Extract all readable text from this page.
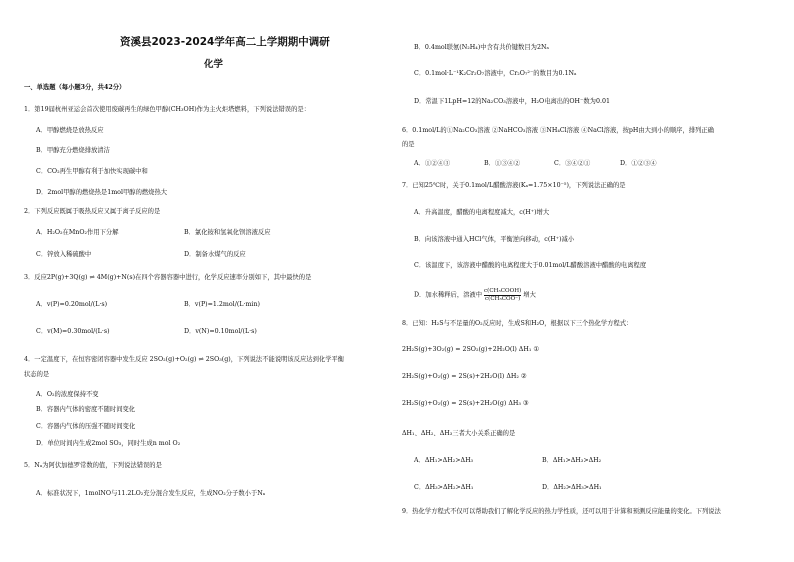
资溪县2023-2024学年高二上学期期中调研
化学
一、单选题（每小题3分，共42分）
1．第19届杭州亚运会首次使用废碳再生的绿色甲醇(CH₃OH)作为主火炬塔燃料，下列说法错误的是：
A．甲醇燃烧是放热反应
B．甲醇充分燃烧排放清洁
C．CO₂再生甲醇有利于加快实现碳中和
D．2mol甲醇的燃烧热是1mol甲醇的燃烧热大
2．下列反应既属于吸热反应又属于离子反应的是
A．H₂O₂在MnO₂作用下分解	B．氯化铵和氢氧化钡溶液反应
C．锌放入稀硫酸中	D．制备水煤气的反应
3．反应2P(g)+3Q(g) ⇌ 4M(g)+N(s)在四个容器容器中进行，化学反应速率分别如下，其中最快的是
A．v(P)=0.20mol/(L·s)	B．v(P)=1.2mol/(L·min)
C．v(M)=0.30mol/(L·s)	D．v(N)=0.10mol/(L·s)
4．一定温度下，在恒容密闭容器中发生反应 2SO₂(g)+O₂(g) ⇌ 2SO₃(g)，下列说法不能说明该反应达到化学平衡
状态的是
A．O₂的浓度保持不变
B．容器内气体的密度不随时间变化
C．容器内气体的压强不随时间变化
D．单位时间内生成2mol SO₃，同时生成n mol O₂
5．Nₐ为阿伏加德罗常数的值，下列说法错误的是
A．标准状况下，1molNO与11.2LO₂充分混合发生反应，生成NO₂分子数小于Nₐ
B．0.4mol联氨(N₂H₄)中含有共价键数目为2Nₐ
C．0.1mol·L⁻¹K₂Cr₂O₇溶液中，Cr₂O₇²⁻的数目为0.1Nₐ
D．常温下1LpH=12的Na₂CO₃溶液中，H₂O电离出的OH⁻数为0.01
6．0.1mol/L的①Na₂CO₃溶液 ②NaHCO₃溶液 ③NH₄Cl溶液 ④NaCl溶液，按pH由大到小的顺序，排列正确
的是
A．①②④③	B．①③④②	C．③④②①	D．①②③④
7．已知25℃时，关于0.1mol/L醋酸溶液(Kₐ=1.75×10⁻⁵)，下列说法正确的是
A．升高温度，醋酸的电离程度减大，c(H⁺)增大
B．向该溶液中通入HCl气体，平衡逆向移动，c(H⁺)减小
C．该温度下，该溶液中醋酸的电离程度大于0.01mol/L醋酸溶液中醋酸的电离程度
D．加水稀释后，溶液中
c(CH₃COOH)
c(CH₃COO⁻) 增大
8．已知：H₂S与不足量的O₂反应时，生成S和H₂O，根据以下三个热化学方程式：
2H₂S(g)+3O₂(g) = 2SO₂(g)+2H₂O(l) ΔH₁ ①
2H₂S(g)+O₂(g) = 2S(s)+2H₂O(l) ΔH₂ ②
2H₂S(g)+O₂(g) = 2S(s)+2H₂O(g) ΔH₃ ③
ΔH₁、ΔH₂、ΔH₃三者大小关系正确的是
A．ΔH₁>ΔH₂>ΔH₃	B．ΔH₁>ΔH₃>ΔH₂
C．ΔH₃>ΔH₂>ΔH₁	D．ΔH₂>ΔH₃>ΔH₁
9．热化学方程式不仅可以帮助我们了解化学反应的热力学性质，还可以用于计算和预测反应能量的变化。下列说法
